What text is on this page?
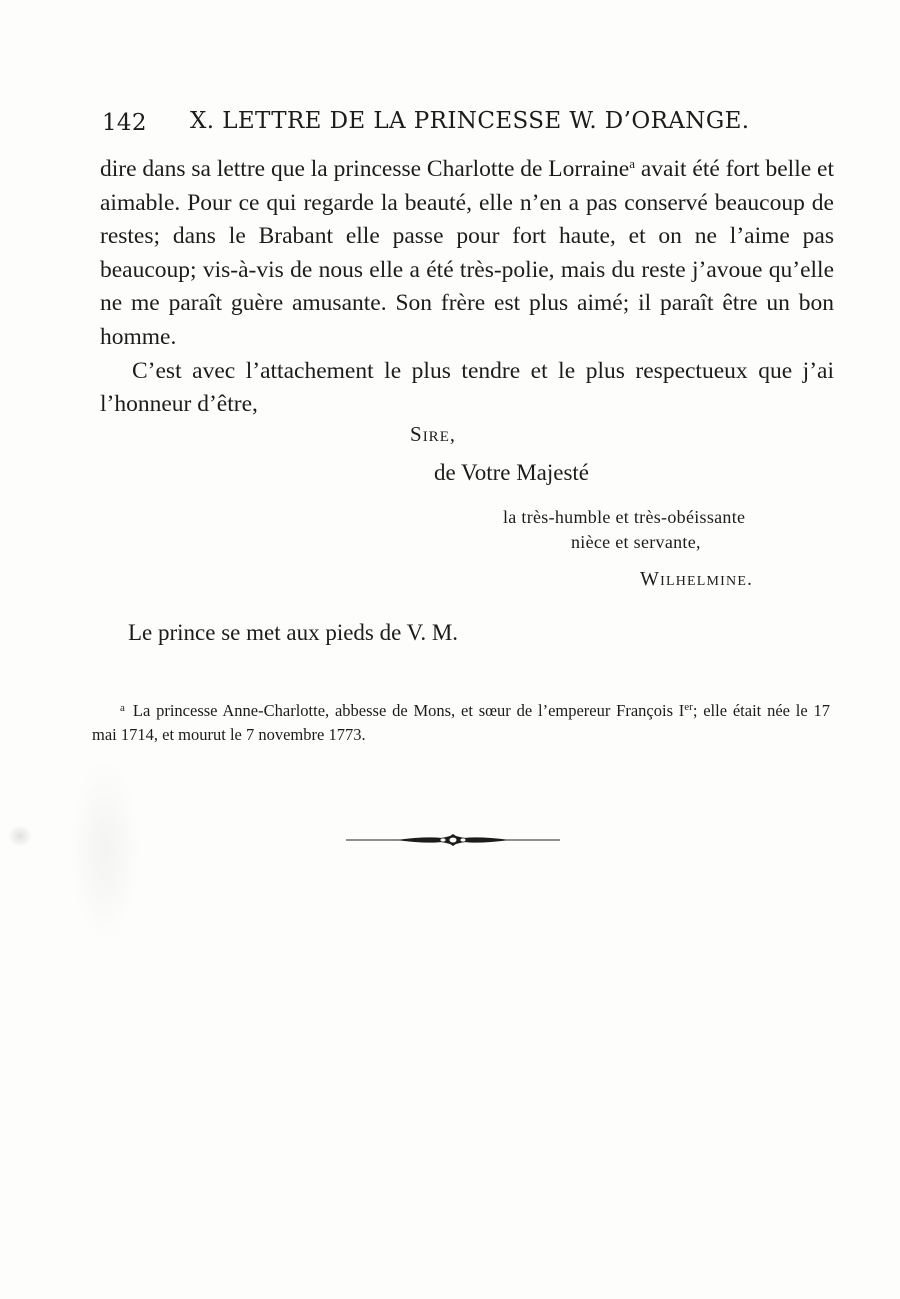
142 X. LETTRE DE LA PRINCESSE W. D’ORANGE.

dire dans sa lettre que la princesse Charlotte de Lorraine$^a$ avait été fort belle et aimable. Pour ce qui regarde la beauté, elle n’en a pas conservé beaucoup de restes; dans le Brabant elle passe pour fort haute, et on ne l’aime pas beaucoup; vis-à-vis de nous elle a été très-polie, mais du reste j’avoue qu’elle ne me paraît guère amusante. Son frère est plus aimé; il paraît être un bon homme.

C’est avec l’attachement le plus tendre et le plus respectueux que j’ai l’honneur d’être,

SIRE,
de Votre Majesté
la très-humble et très-obéissante
nièce et servante,
WILHELMINE.
Le prince se met aux pieds de V. M.
$^a$ La princesse Anne-Charlotte, abbesse de Mons, et sœur de l’empereur François Ier; elle était née le 17 mai 1714, et mourut le 7 novembre 1773.
